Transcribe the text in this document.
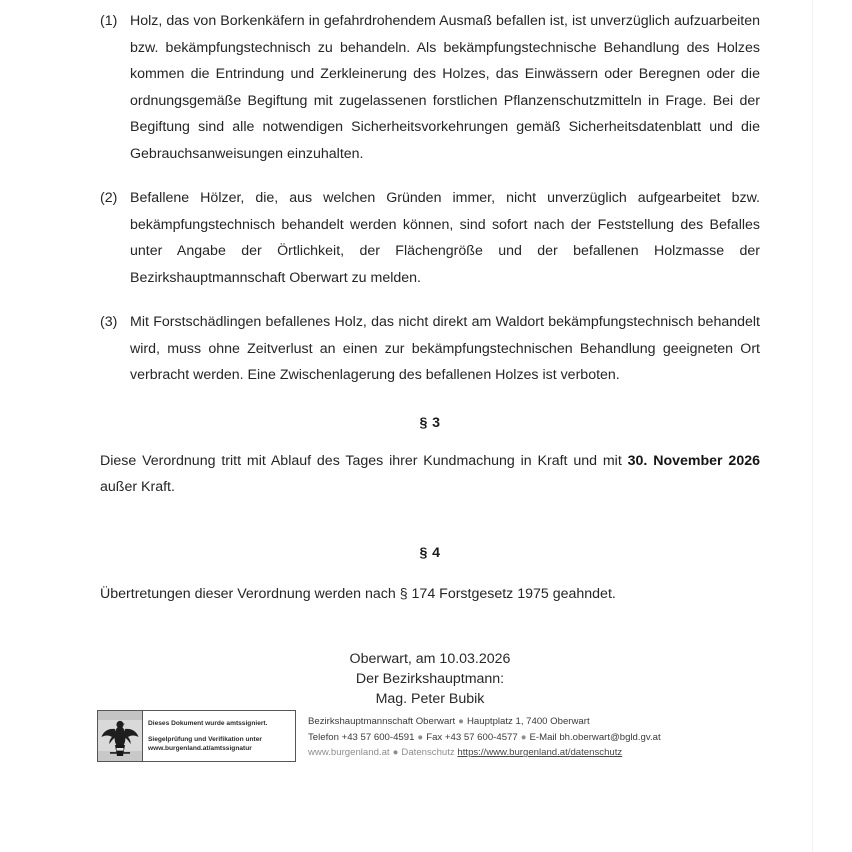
(1) Holz, das von Borkenkäfern in gefahrdrohendem Ausmaß befallen ist, ist unverzüglich aufzuarbeiten bzw. bekämpfungstechnisch zu behandeln. Als bekämpfungstechnische Behandlung des Holzes kommen die Entrindung und Zerkleinerung des Holzes, das Einwässern oder Beregnen oder die ordnungsgemäße Begiftung mit zugelassenen forstlichen Pflanzenschutzmitteln in Frage. Bei der Begiftung sind alle notwendigen Sicherheitsvorkehrungen gemäß Sicherheitsdatenblatt und die Gebrauchsanweisungen einzuhalten.
(2) Befallene Hölzer, die, aus welchen Gründen immer, nicht unverzüglich aufgearbeitet bzw. bekämpfungstechnisch behandelt werden können, sind sofort nach der Feststellung des Befalles unter Angabe der Örtlichkeit, der Flächengröße und der befallenen Holzmasse der Bezirkshauptmannschaft Oberwart zu melden.
(3) Mit Forstschädlingen befallenes Holz, das nicht direkt am Waldort bekämpfungstechnisch behandelt wird, muss ohne Zeitverlust an einen zur bekämpfungstechnischen Behandlung geeigneten Ort verbracht werden. Eine Zwischenlagerung des befallenen Holzes ist verboten.
§ 3
Diese Verordnung tritt mit Ablauf des Tages ihrer Kundmachung in Kraft und mit 30. November 2026 außer Kraft.
§ 4
Übertretungen dieser Verordnung werden nach § 174 Forstgesetz 1975 geahndet.
Oberwart, am 10.03.2026
Der Bezirkshauptmann:
Mag. Peter Bubik
Dieses Dokument wurde amtssigniert.
Siegelprüfung und Verifikation unter
www.burgenland.at/amtssignatur
Bezirkshauptmannschaft Oberwart ● Hauptplatz 1, 7400 Oberwart
Telefon +43 57 600-4591 ● Fax +43 57 600-4577 ● E-Mail bh.oberwart@bgld.gv.at
www.burgenland.at ● Datenschutz https://www.burgenland.at/datenschutz
